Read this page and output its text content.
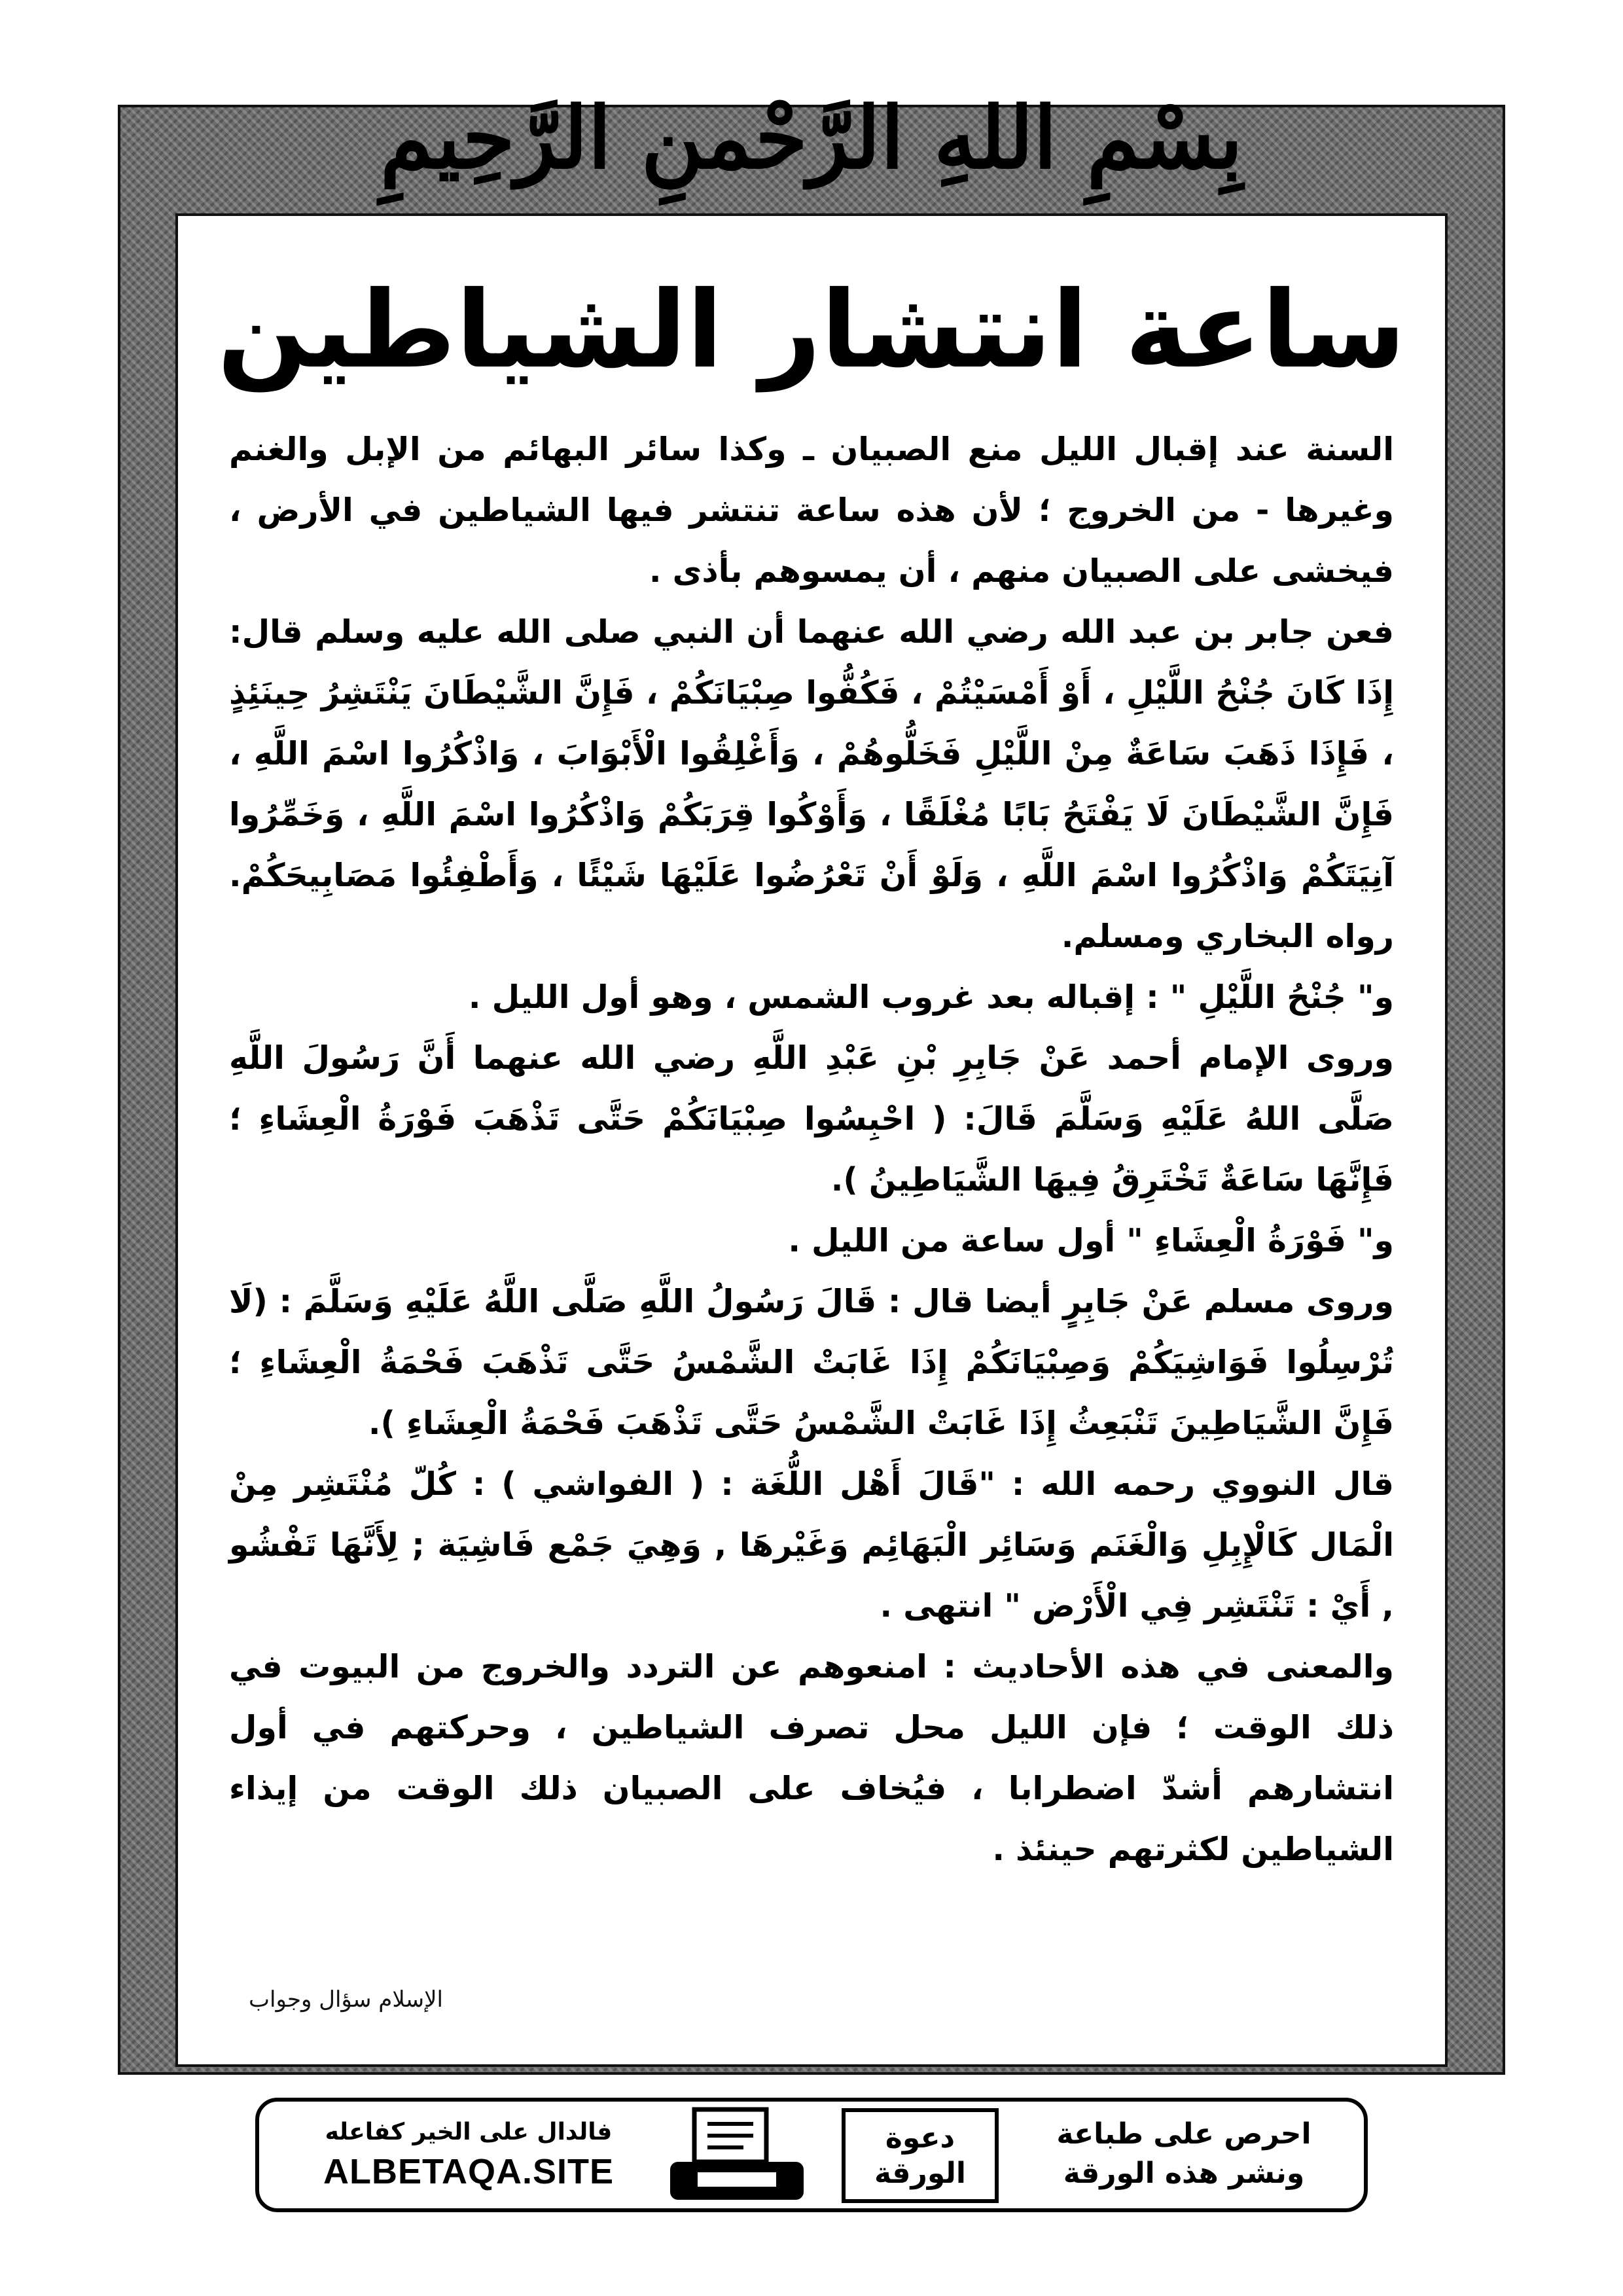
بِسْمِ اللهِ الرَّحْمنِ الرَّحِيمِ
ساعة انتشار الشياطين

السنة عند إقبال الليل منع الصبيان ـ وكذا سائر البهائم من الإبل والغنم وغيرها - من الخروج ؛ لأن هذه ساعة تنتشر فيها الشياطين في الأرض ، فيخشى على الصبيان منهم ، أن يمسوهم بأذى .

فعن جابر بن عبد الله رضي الله عنهما أن النبي صلى الله عليه وسلم قال: إِذَا كَانَ جُنْحُ اللَّيْلِ ، أَوْ أَمْسَيْتُمْ ، فَكُفُّوا صِبْيَانَكُمْ ، فَإِنَّ الشَّيْطَانَ يَنْتَشِرُ حِينَئِذٍ ، فَإِذَا ذَهَبَ سَاعَةٌ مِنْ اللَّيْلِ فَخَلُّوهُمْ ، وَأَغْلِقُوا الْأَبْوَابَ ، وَاذْكُرُوا اسْمَ اللَّهِ ، فَإِنَّ الشَّيْطَانَ لَا يَفْتَحُ بَابًا مُغْلَقًا ، وَأَوْكُوا قِرَبَكُمْ وَاذْكُرُوا اسْمَ اللَّهِ ، وَخَمِّرُوا آنِيَتَكُمْ وَاذْكُرُوا اسْمَ اللَّهِ ، وَلَوْ أَنْ تَعْرُضُوا عَلَيْهَا شَيْئًا ، وَأَطْفِئُوا مَصَابِيحَكُمْ. رواه البخاري ومسلم.

و" جُنْحُ اللَّيْلِ " : إقباله بعد غروب الشمس ، وهو أول الليل .

وروى الإمام أحمد عَنْ جَابِرِ بْنِ عَبْدِ اللَّهِ رضي الله عنهما أَنَّ رَسُولَ اللَّهِ صَلَّى اللهُ عَلَيْهِ وَسَلَّمَ قَالَ: ( احْبِسُوا صِبْيَانَكُمْ حَتَّى تَذْهَبَ فَوْرَةُ الْعِشَاءِ ؛ فَإِنَّهَا سَاعَةٌ تَخْتَرِقُ فِيهَا الشَّيَاطِينُ ).

و" فَوْرَةُ الْعِشَاءِ " أول ساعة من الليل .

وروى مسلم عَنْ جَابِرٍ أيضا قال : قَالَ رَسُولُ اللَّهِ صَلَّى اللَّهُ عَلَيْهِ وَسَلَّمَ : (لَا تُرْسِلُوا فَوَاشِيَكُمْ وَصِبْيَانَكُمْ إِذَا غَابَتْ الشَّمْسُ حَتَّى تَذْهَبَ فَحْمَةُ الْعِشَاءِ ؛ فَإِنَّ الشَّيَاطِينَ تَنْبَعِثُ إِذَا غَابَتْ الشَّمْسُ حَتَّى تَذْهَبَ فَحْمَةُ الْعِشَاءِ ).

قال النووي رحمه الله : "قَالَ أَهْل اللُّغَة : ( الفواشي ) : كُلّ مُنْتَشِر مِنْ الْمَال كَالْإِبِلِ وَالْغَنَم وَسَائِر الْبَهَائِم وَغَيْرهَا , وَهِيَ جَمْع فَاشِيَة ; لِأَنَّهَا تَفْشُو , أَيْ : تَنْتَشِر فِي الْأَرْض " انتهى .

والمعنى في هذه الأحاديث : امنعوهم عن التردد والخروج من البيوت في ذلك الوقت ؛ فإن الليل محل تصرف الشياطين ، وحركتهم في أول انتشارهم أشدّ اضطرابا ، فيُخاف على الصبيان ذلك الوقت من إيذاء الشياطين لكثرتهم حينئذ .

الإسلام سؤال وجواب
احرص على طباعة
ونشر هذه الورقة
دعوة
الورقة
فالدال على الخير كفاعله
ALBETAQA.SITE
